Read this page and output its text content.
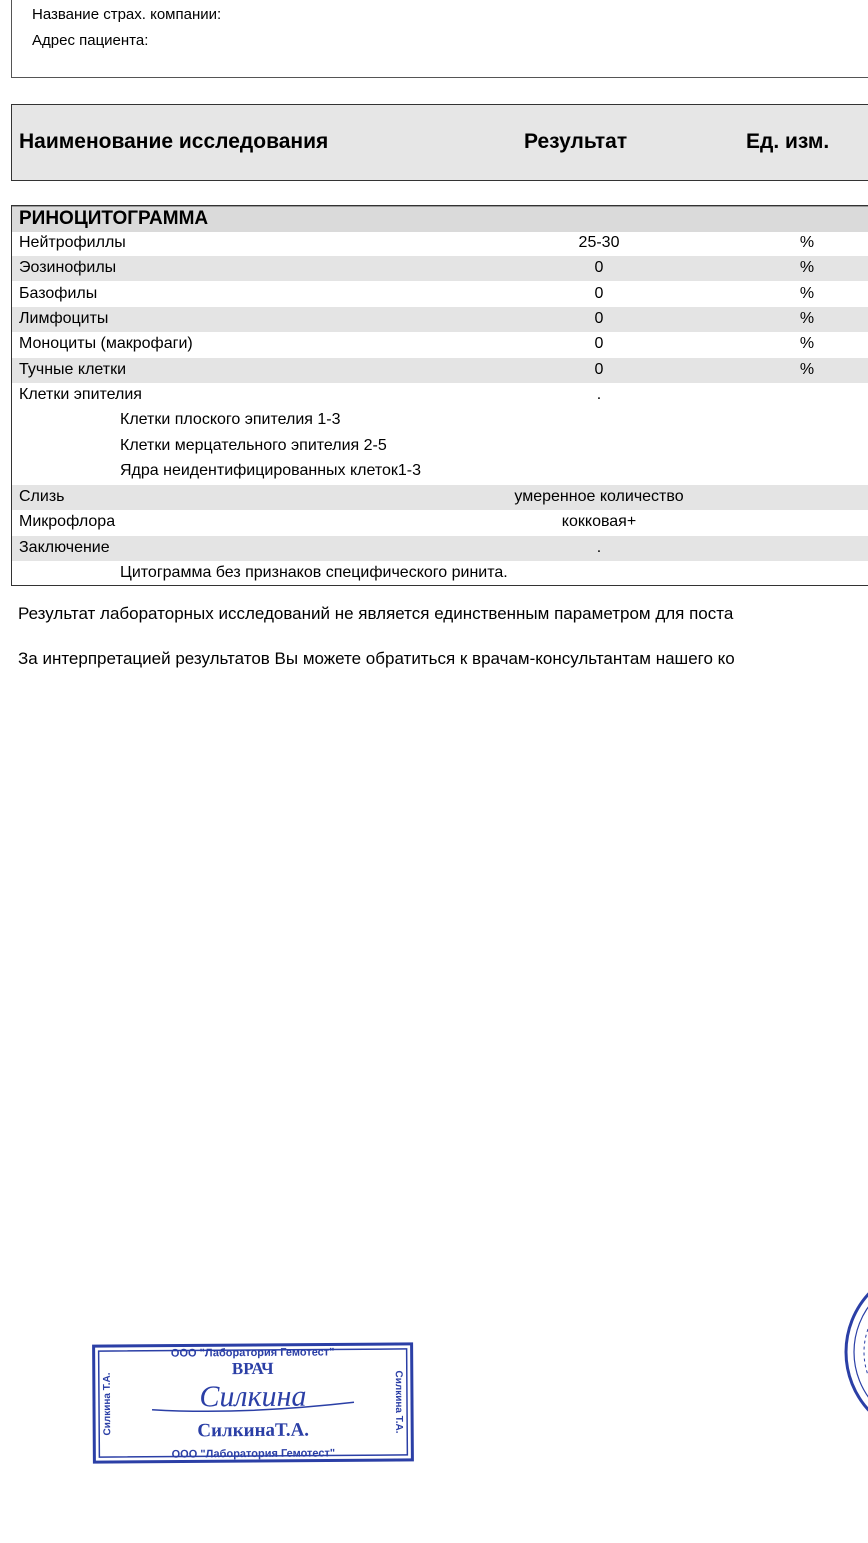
Название страх. компании:
Адрес пациента:
Наименование исследования	Результат	Ед. изм.
РИНОЦИТОГРАММА
Нейтрофиллы	25-30	%
Эозинофилы	0	%
Базофилы	0	%
Лимфоциты	0	%
Моноциты (макрофаги)	0	%
Тучные клетки	0	%
Клетки эпителия	.
Клетки плоского эпителия 1-3
Клетки мерцательного эпителия 2-5
Ядра неидентифицированных клеток1-3
Слизь	умеренное количество
Микрофлора	кокковая+
Заключение	.
Цитограмма без признаков специфического ринита.
Результат лабораторных исследований не является единственным параметром для поста
За интерпретацией результатов Вы можете обратиться к врачам-консультантам нашего ко
ООО "Лаборатория Гемотест"
ВРАЧ
Силкина
СилкинаТ.А.
ООО "Лаборатория Гемотест"
Силкина Т.А.	Силкина Т.А.
